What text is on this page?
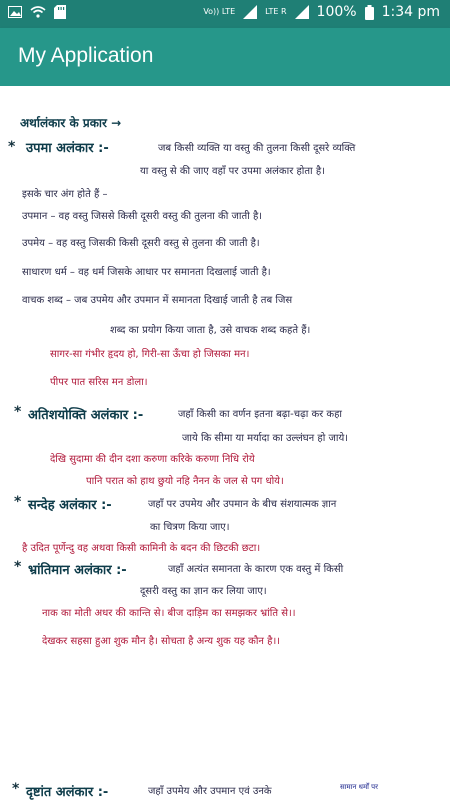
Vo)) LTE	LTE R 100% 1:34 pm
My Application
अर्थालंकार के प्रकार →
* उपमा अलंकार :-	जब किसी व्यक्ति या वस्तु की तुलना किसी दूसरे व्यक्ति
या वस्तु से की जाए वहाँ पर उपमा अलंकार होता है।
इसके चार अंग होते हैं –
उपमान – वह वस्तु जिससे किसी दूसरी वस्तु की तुलना की जाती है।
उपमेय – वह वस्तु जिसकी किसी दूसरी वस्तु से तुलना की जाती है।
साधारण धर्म – वह धर्म जिसके आधार पर समानता दिखलाई जाती है।
वाचक शब्द – जब उपमेय और उपमान में समानता दिखाई जाती है तब जिस
शब्द का प्रयोग किया जाता है, उसे वाचक शब्द कहते हैं।
सागर-सा गंभीर हृदय हो, गिरी-सा ऊँचा हो जिसका मन।
पीपर पात सरिस मन डोला।
* अतिशयोक्ति अलंकार :-	जहाँ किसी का वर्णन इतना बढ़ा-चढ़ा कर कहा
जाये कि सीमा या मर्यादा का उल्लंघन हो जाये।
देखि सुदामा की दीन दशा करुणा करिके करुणा निधि रोये
पानि परात को हाथ छुयो नहि नैनन के जल से पग धोये।
* सन्देह अलंकार :-	जहाँ पर उपमेय और उपमान के बीच संशयात्मक ज्ञान
का चित्रण किया जाए।
है उदित पूर्णेन्दु वह अथवा किसी कामिनी के बदन की छिटकी छटा।
* भ्रांतिमान अलंकार :-	जहाँ अत्यंत समानता के कारण एक वस्तु में किसी
दूसरी वस्तु का ज्ञान कर लिया जाए।
नाक का मोती अधर की कान्ति से। बीज दाड़िम का समझकर भ्रांति से।।
देखकर सहसा हुआ शुक मौन है। सोचता है अन्य शुक यह कौन है।।
* दृष्टांत अलंकार :-	जहाँ उपमेय और उपमान एवं उनके	सामान धर्मों पर
